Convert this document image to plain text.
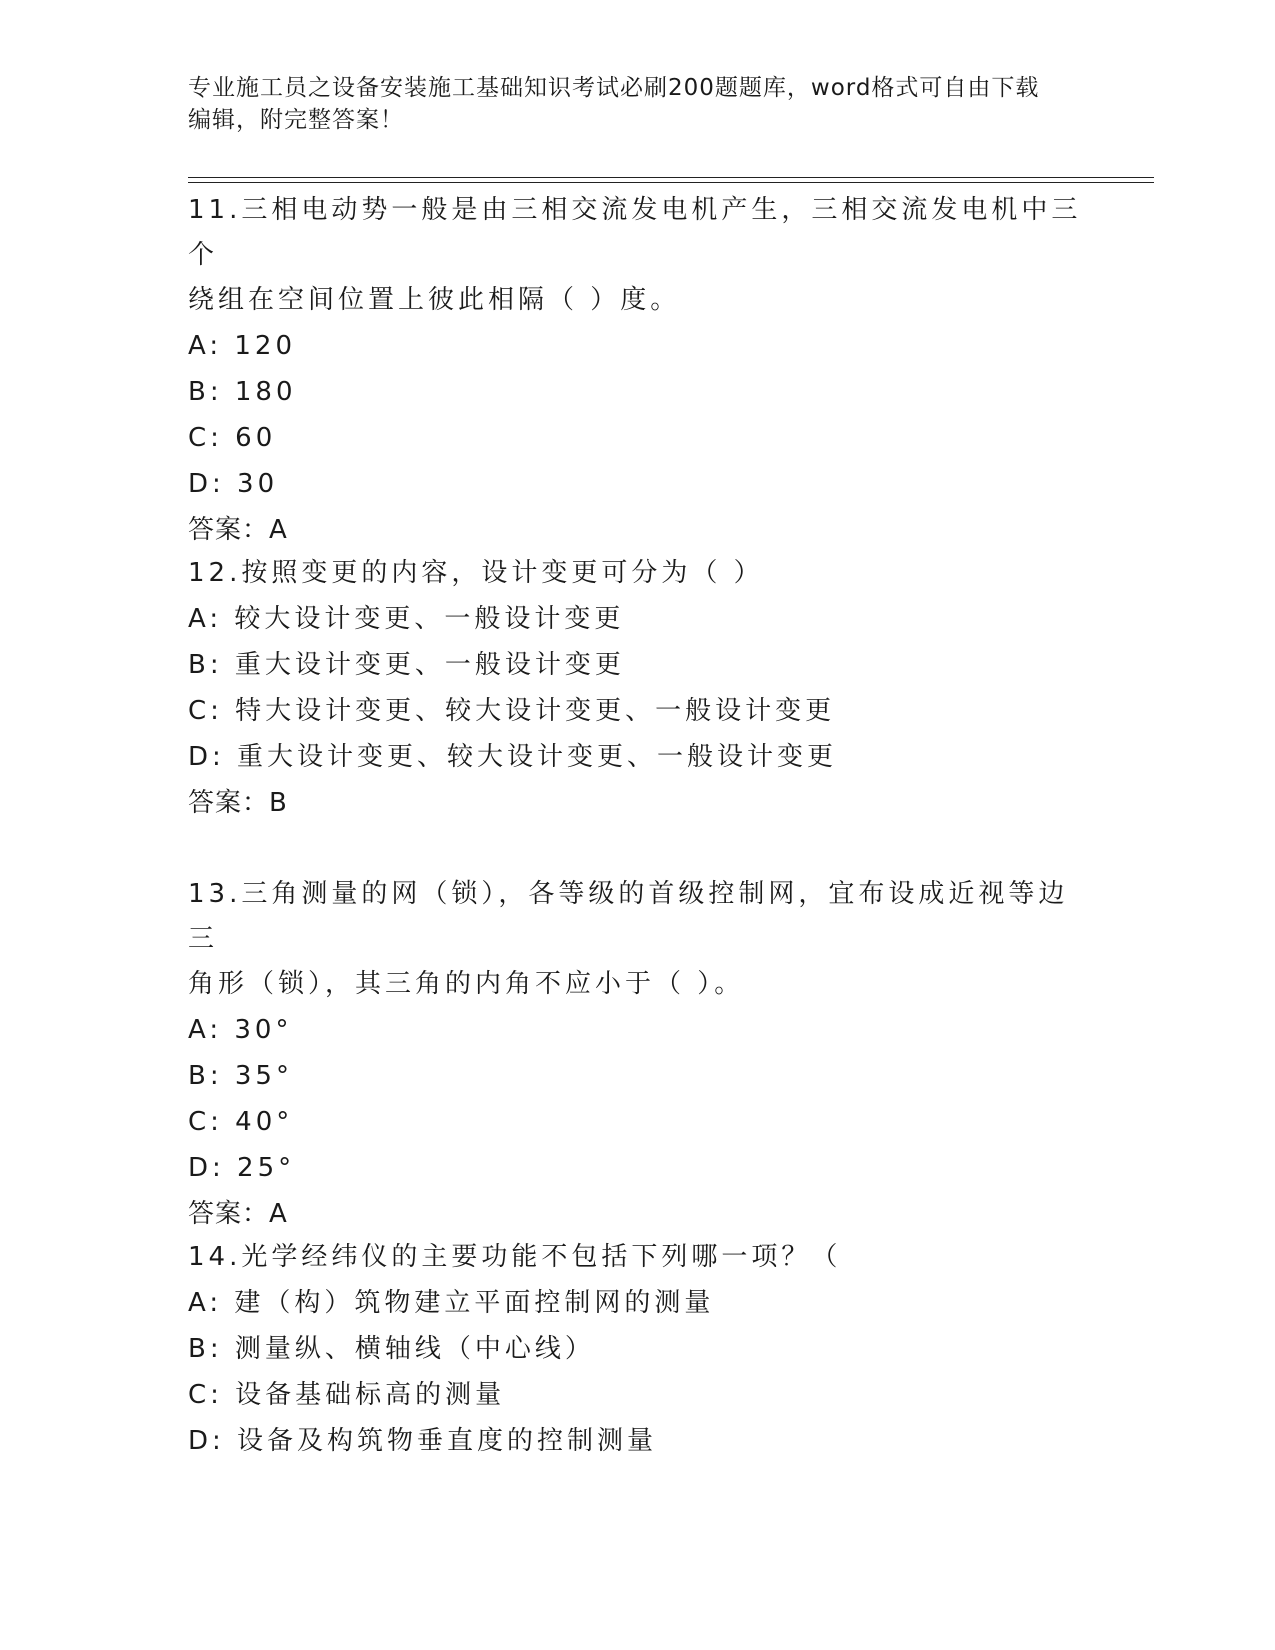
专业施工员之设备安装施工基础知识考试必刷200题题库，word格式可自由下载
编辑，附完整答案！

11.三相电动势一般是由三相交流发电机产生，三相交流发电机中三个

绕组在空间位置上彼此相隔（ ）度。

A: 120

B: 180

C: 60

D: 30

答案：A

12.按照变更的内容，设计变更可分为（ ）

A: 较大设计变更、一般设计变更

B: 重大设计变更、一般设计变更

C: 特大设计变更、较大设计变更、一般设计变更

D: 重大设计变更、较大设计变更、一般设计变更

答案：B

13.三角测量的网（锁），各等级的首级控制网，宜布设成近视等边三

角形（锁），其三角的内角不应小于（ ）。

A: 30°

B: 35°

C: 40°

D: 25°

答案：A

14.光学经纬仪的主要功能不包括下列哪一项？（

A: 建（构）筑物建立平面控制网的测量

B: 测量纵、横轴线（中心线）

C: 设备基础标高的测量

D: 设备及构筑物垂直度的控制测量
